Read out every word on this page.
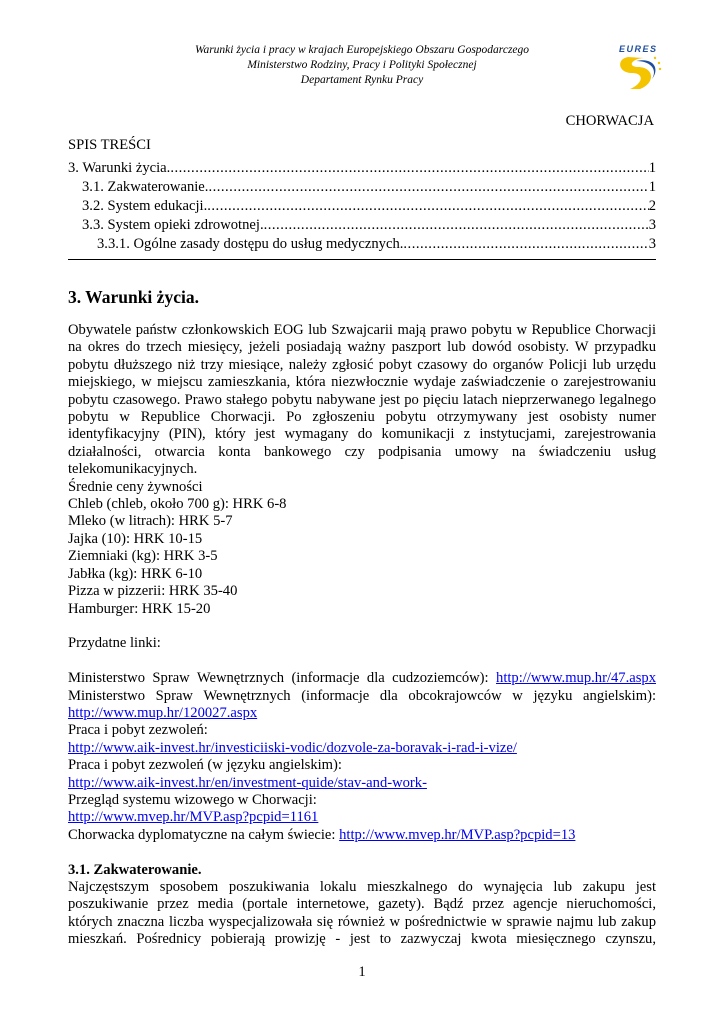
Warunki życia i pracy w krajach Europejskiego Obszaru Gospodarczego
Ministerstwo Rodziny, Pracy i Polityki Społecznej
Departament Rynku Pracy
EURES
CHORWACJA
SPIS TREŚCI
3. Warunki życia. .....	1
3.1. Zakwaterowanie. .....	1
3.2. System edukacji. .....	2
3.3. System opieki zdrowotnej. .....	3
3.3.1. Ogólne zasady dostępu do usług medycznych. .....	3
3. Warunki życia.
Obywatele państw członkowskich EOG lub Szwajcarii mają prawo pobytu w Republice Chorwacji
na okres do trzech miesięcy, jeżeli posiadają ważny paszport lub dowód osobisty. W przypadku
pobytu dłuższego niż trzy miesiące, należy zgłosić pobyt czasowy do organów Policji lub urzędu
miejskiego, w miejscu zamieszkania, która niezwłocznie wydaje zaświadczenie o zarejestrowaniu
pobytu czasowego. Prawo stałego pobytu nabywane jest po pięciu latach nieprzerwanego legalnego
pobytu w Republice Chorwacji. Po zgłoszeniu pobytu otrzymywany jest osobisty numer
identyfikacyjny (PIN), który jest wymagany do komunikacji z instytucjami, zarejestrowania
działalności, otwarcia konta bankowego czy podpisania umowy na świadczeniu usług
telekomunikacyjnych.
Średnie ceny żywności
Chleb (chleb, około 700 g): HRK 6-8
Mleko (w litrach): HRK 5-7
Jajka (10): HRK 10-15
Ziemniaki (kg): HRK 3-5
Jabłka (kg): HRK 6-10
Pizza w pizzerii: HRK 35-40
Hamburger: HRK 15-20
Przydatne linki:
Ministerstwo Spraw Wewnętrznych (informacje dla cudzoziemców): http://www.mup.hr/47.aspx
Ministerstwo Spraw Wewnętrznych (informacje dla obcokrajowców w języku angielskim):
http://www.mup.hr/120027.aspx
Praca i pobyt zezwoleń:
http://www.aik-invest.hr/investiciiski-vodic/dozvole-za-boravak-i-rad-i-vize/
Praca i pobyt zezwoleń (w języku angielskim):
http://www.aik-invest.hr/en/investment-quide/stav-and-work-
Przegląd systemu wizowego w Chorwacji:
http://www.mvep.hr/MVP.asp?pcpid=1161
Chorwacka dyplomatyczne na całym świecie: http://www.mvep.hr/MVP.asp?pcpid=13
3.1. Zakwaterowanie.
Najczęstszym sposobem poszukiwania lokalu mieszkalnego do wynajęcia lub zakupu jest
poszukiwanie przez media (portale internetowe, gazety). Bądź przez agencje nieruchomości,
których znaczna liczba wyspecjalizowała się również w pośrednictwie w sprawie najmu lub zakup
mieszkań. Pośrednicy pobierają prowizję - jest to zazwyczaj kwota miesięcznego czynszu,
1
